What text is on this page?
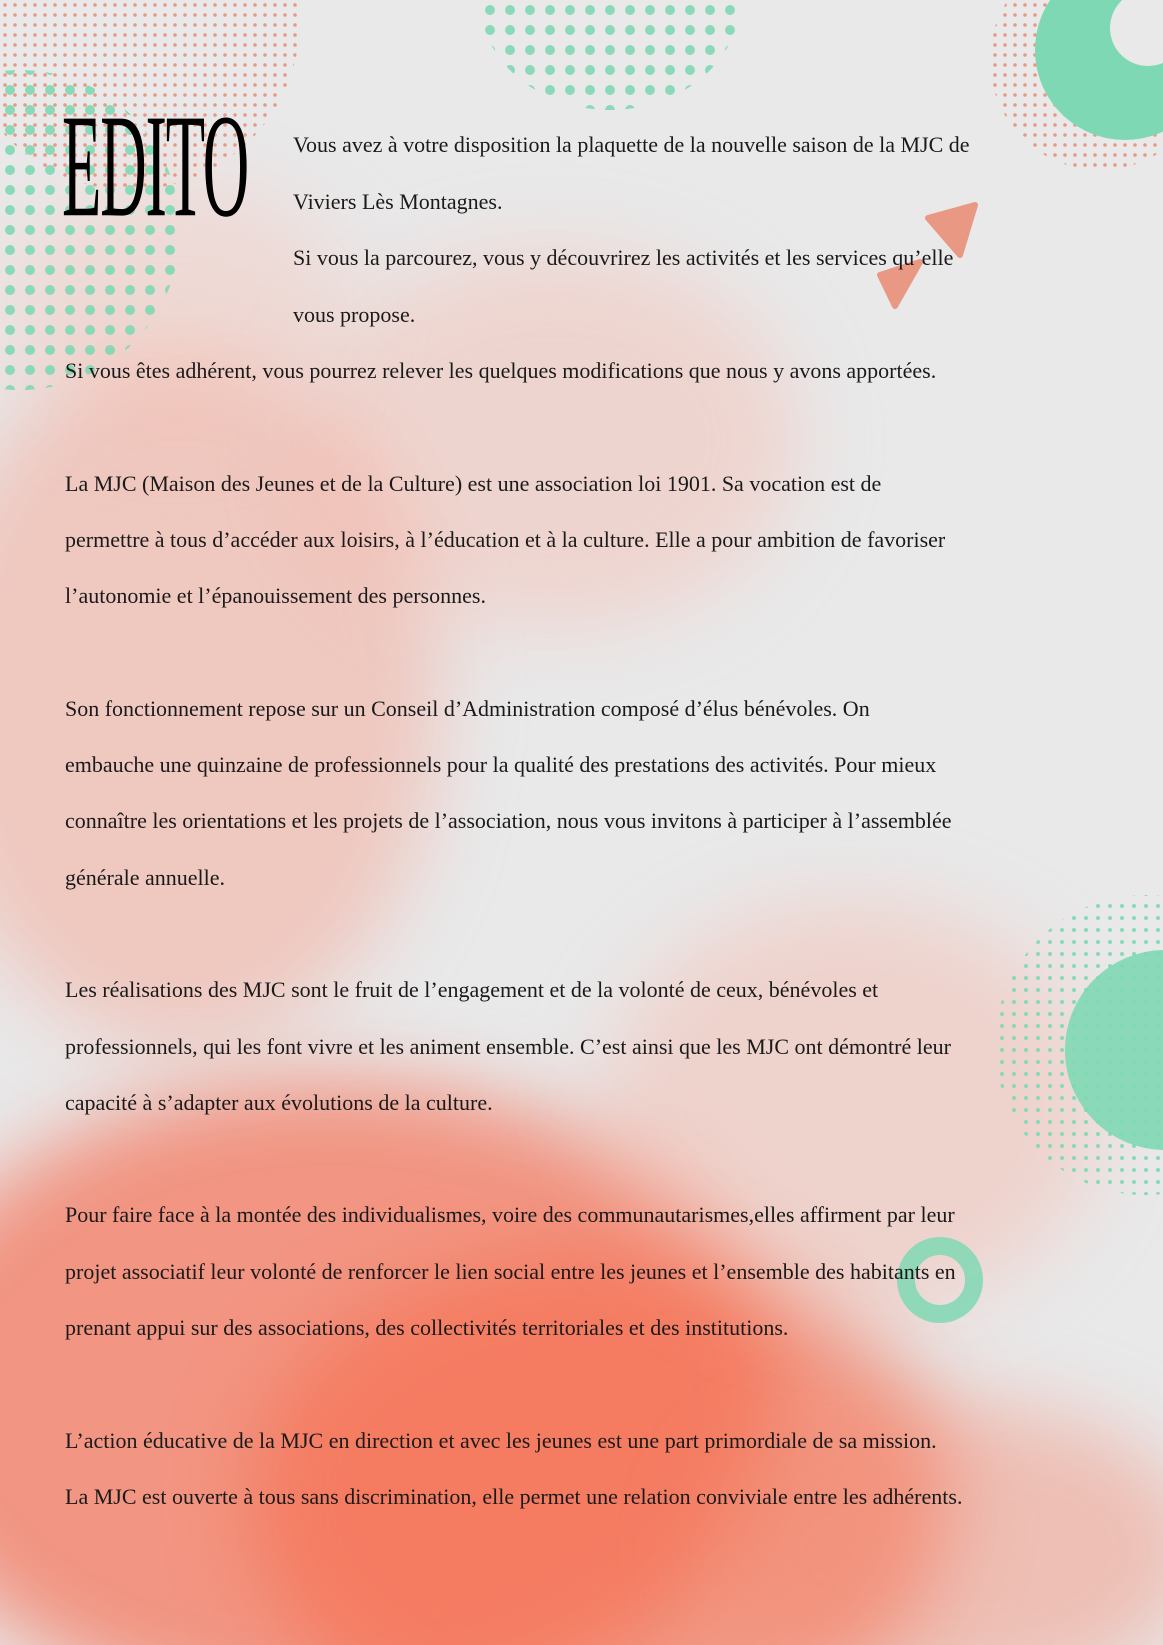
EDITO Vous avez à votre disposition la plaquette de la nouvelle saison de la MJC de

Viviers Lès Montagnes.

Si vous la parcourez, vous y découvrirez les activités et les services qu’elle

vous propose.

Si vous êtes adhérent, vous pourrez relever les quelques modifications que nous y avons apportées.

La MJC (Maison des Jeunes et de la Culture) est une association loi 1901. Sa vocation est de

permettre à tous d’accéder aux loisirs, à l’éducation et à la culture. Elle a pour ambition de favoriser

l’autonomie et l’épanouissement des personnes.

Son fonctionnement repose sur un Conseil d’Administration composé d’élus bénévoles. On

embauche une quinzaine de professionnels pour la qualité des prestations des activités. Pour mieux

connaître les orientations et les projets de l’association, nous vous invitons à participer à l’assemblée

générale annuelle.

Les réalisations des MJC sont le fruit de l’engagement et de la volonté de ceux, bénévoles et

professionnels, qui les font vivre et les animent ensemble. C’est ainsi que les MJC ont démontré leur

capacité à s’adapter aux évolutions de la culture.

Pour faire face à la montée des individualismes, voire des communautarismes,elles affirment par leur

projet associatif leur volonté de renforcer le lien social entre les jeunes et l’ensemble des habitants en

prenant appui sur des associations, des collectivités territoriales et des institutions.

L’action éducative de la MJC en direction et avec les jeunes est une part primordiale de sa mission.

La MJC est ouverte à tous sans discrimination, elle permet une relation conviviale entre les adhérents.
